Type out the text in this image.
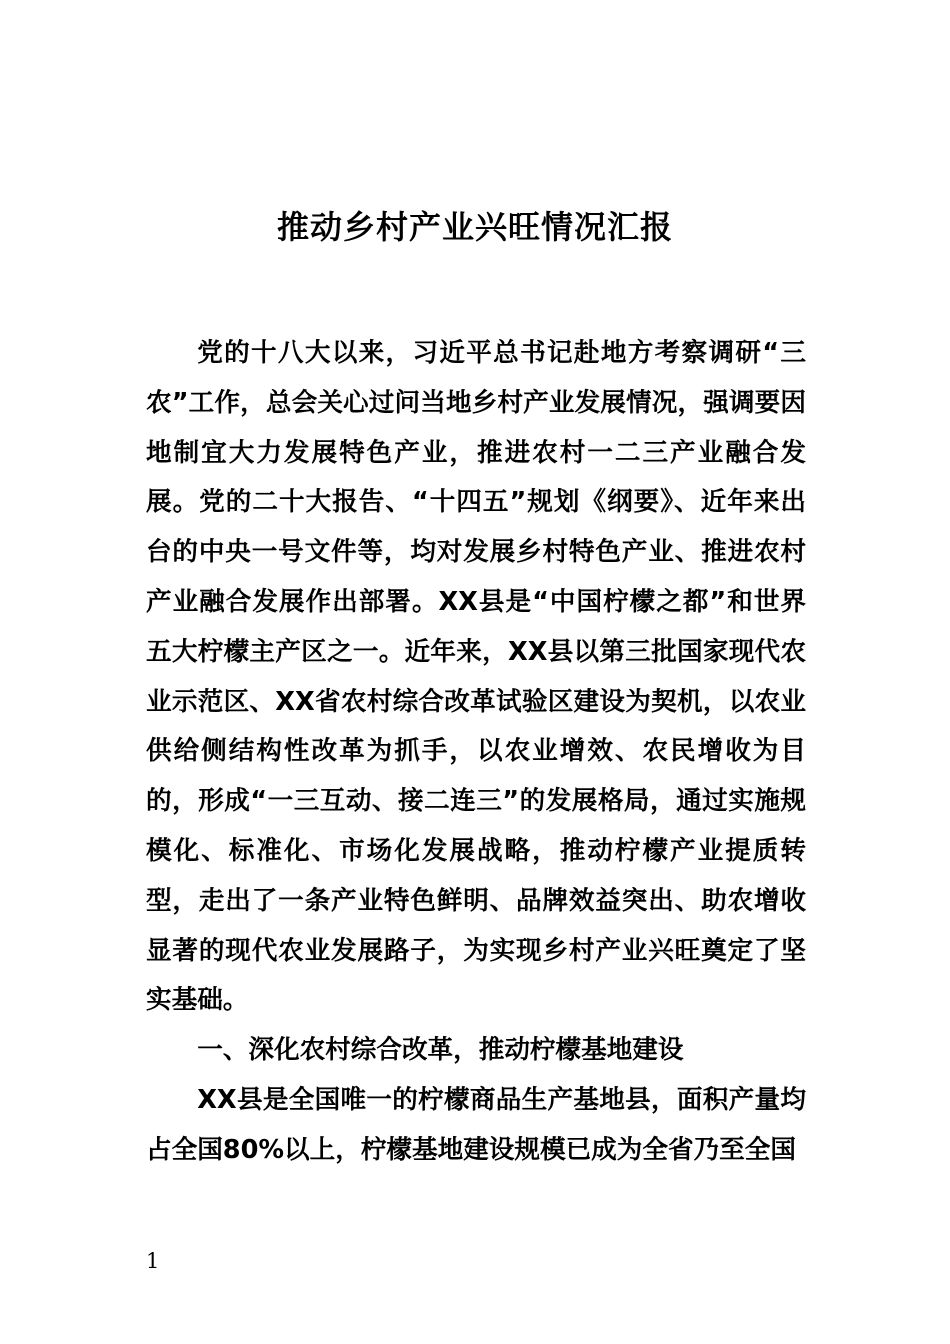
推动乡村产业兴旺情况汇报

党的十八大以来，习近平总书记赴地方考察调研“三农”工作，总会关心过问当地乡村产业发展情况，强调要因地制宜大力发展特色产业，推进农村一二三产业融合发展。党的二十大报告、“十四五”规划《纲要》、近年来出台的中央一号文件等，均对发展乡村特色产业、推进农村产业融合发展作出部署。XX县是“中国柠檬之都”和世界五大柠檬主产区之一。近年来，XX县以第三批国家现代农业示范区、XX省农村综合改革试验区建设为契机，以农业供给侧结构性改革为抓手，以农业增效、农民增收为目的，形成“一三互动、接二连三”的发展格局，通过实施规模化、标准化、市场化发展战略，推动柠檬产业提质转型，走出了一条产业特色鲜明、品牌效益突出、助农增收显著的现代农业发展路子，为实现乡村产业兴旺奠定了坚实基础。

一、深化农村综合改革，推动柠檬基地建设

XX县是全国唯一的柠檬商品生产基地县，面积产量均占全国80%以上，柠檬基地建设规模已成为全省乃至全国

1
